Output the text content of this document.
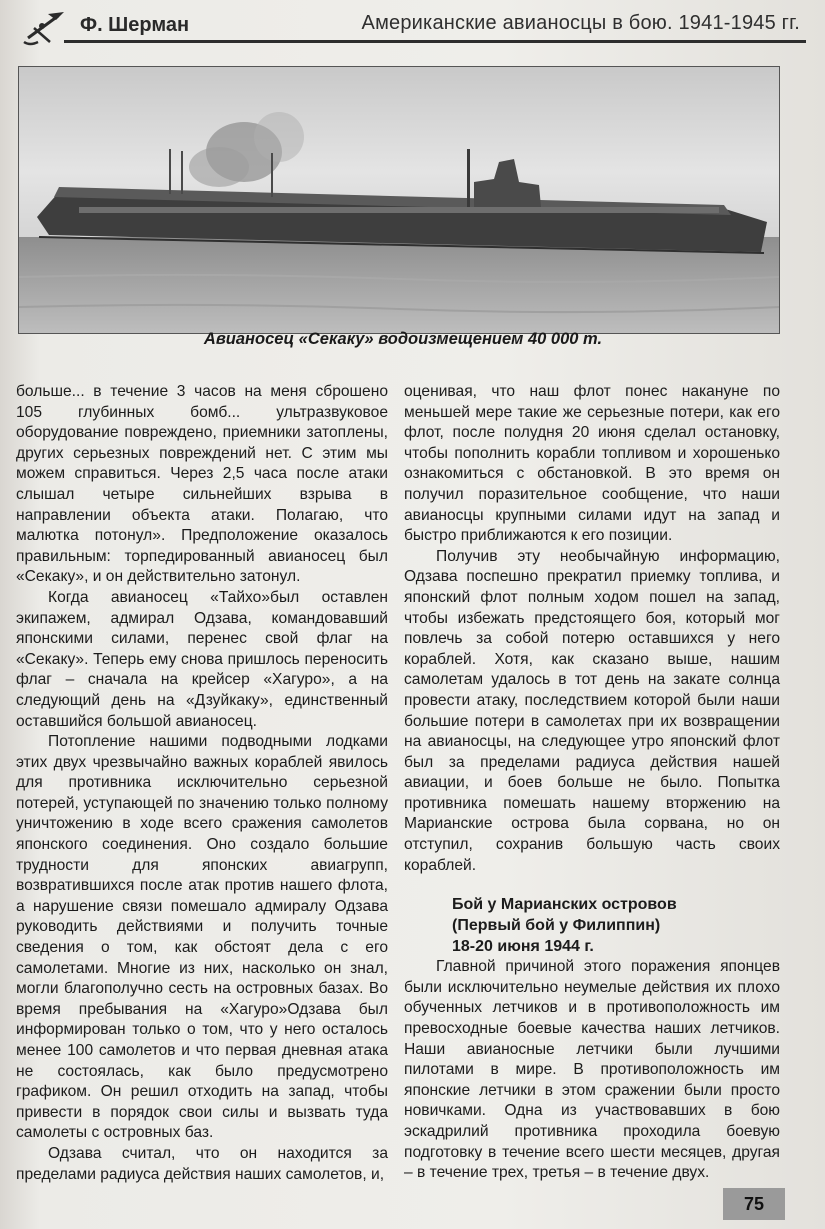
Ф. Шерман	Американские авианосцы в бою. 1941-1945 гг.
Авианосец «Секаку» водоизмещением 40 000 т.

больше... в течение 3 часов на меня сброшено 105 глубинных бомб... ультразвуковое оборудование повреждено, приемники затоплены, других серьезных повреждений нет. С этим мы можем справиться. Через 2,5 часа после атаки слышал четыре сильнейших взрыва в направлении объекта атаки. Полагаю, что малютка потонул». Предположение оказалось правильным: торпедированный авианосец был «Секаку», и он действительно затонул.

Когда авианосец «Тайхо»был оставлен экипажем, адмирал Одзава, командовавший японскими силами, перенес свой флаг на «Секаку». Теперь ему снова пришлось переносить флаг – сначала на крейсер «Хагуро», а на следующий день на «Дзуйкаку», единственный оставшийся большой авианосец.

Потопление нашими подводными лодками этих двух чрезвычайно важных кораблей явилось для противника исключительно серьезной потерей, уступающей по значению только полному уничтожению в ходе всего сражения самолетов японского соединения. Оно создало большие трудности для японских авиагрупп, возвратившихся после атак против нашего флота, а нарушение связи помешало адмиралу Одзава руководить действиями и получить точные сведения о том, как обстоят дела с его самолетами. Многие из них, насколько он знал, могли благополучно сесть на островных базах. Во время пребывания на «Хагуро»Одзава был информирован только о том, что у него осталось менее 100 самолетов и что первая дневная атака не состоялась, как было предусмотрено графиком. Он решил отходить на запад, чтобы привести в порядок свои силы и вызвать туда самолеты с островных баз.

Одзава считал, что он находится за пределами радиуса действия наших самолетов, и,

оценивая, что наш флот понес накануне по меньшей мере такие же серьезные потери, как его флот, после полудня 20 июня сделал остановку, чтобы пополнить корабли топливом и хорошенько ознакомиться с обстановкой. В это время он получил поразительное сообщение, что наши авианосцы крупными силами идут на запад и быстро приближаются к его позиции.

Получив эту необычайную информацию, Одзава поспешно прекратил приемку топлива, и японский флот полным ходом пошел на запад, чтобы избежать предстоящего боя, который мог повлечь за собой потерю оставшихся у него кораблей. Хотя, как сказано выше, нашим самолетам удалось в тот день на закате солнца провести атаку, последствием которой были наши большие потери в самолетах при их возвращении на авианосцы, на следующее утро японский флот был за пределами радиуса действия нашей авиации, и боев больше не было. Попытка противника помешать нашему вторжению на Марианские острова была сорвана, но он отступил, сохранив большую часть своих кораблей.

Бой у Марианских островов
(Первый бой у Филиппин)
18-20 июня 1944 г.

Главной причиной этого поражения японцев были исключительно неумелые действия их плохо обученных летчиков и в противоположность им превосходные боевые качества наших летчиков. Наши авианосные летчики были лучшими пилотами в мире. В противоположность им японские летчики в этом сражении были просто новичками. Одна из участвовавших в бою эскадрилий противника проходила боевую подготовку в течение всего шести месяцев, другая – в течение трех, третья – в течение двух.

75
